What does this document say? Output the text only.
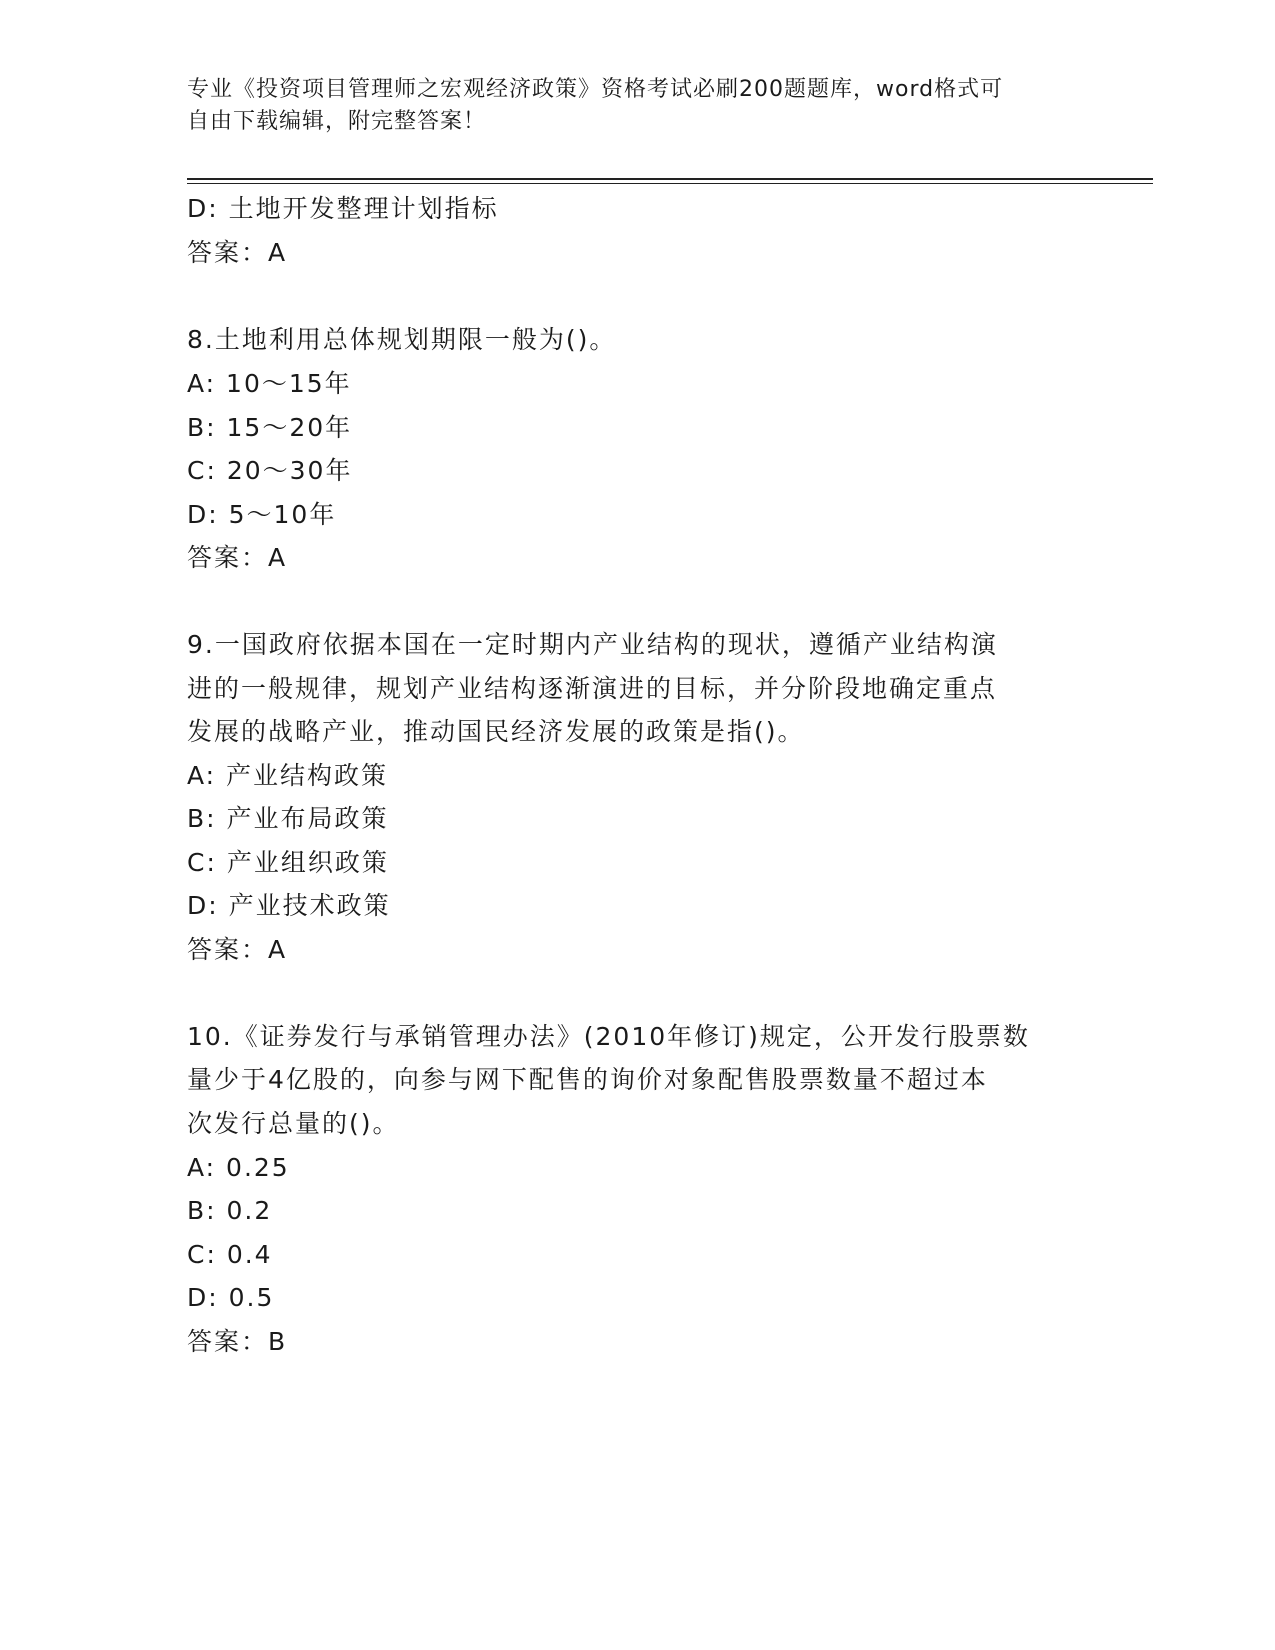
专业《投资项目管理师之宏观经济政策》资格考试必刷200题题库，word格式可
自由下载编辑，附完整答案！
D: 土地开发整理计划指标
答案：A
8.土地利用总体规划期限一般为()。
A: 10～15年
B: 15～20年
C: 20～30年
D: 5～10年
答案：A
9.一国政府依据本国在一定时期内产业结构的现状，遵循产业结构演
进的一般规律，规划产业结构逐渐演进的目标，并分阶段地确定重点
发展的战略产业，推动国民经济发展的政策是指()。
A: 产业结构政策
B: 产业布局政策
C: 产业组织政策
D: 产业技术政策
答案：A
10.《证券发行与承销管理办法》(2010年修订)规定，公开发行股票数
量少于4亿股的，向参与网下配售的询价对象配售股票数量不超过本
次发行总量的()。
A: 0.25
B: 0.2
C: 0.4
D: 0.5
答案：B
